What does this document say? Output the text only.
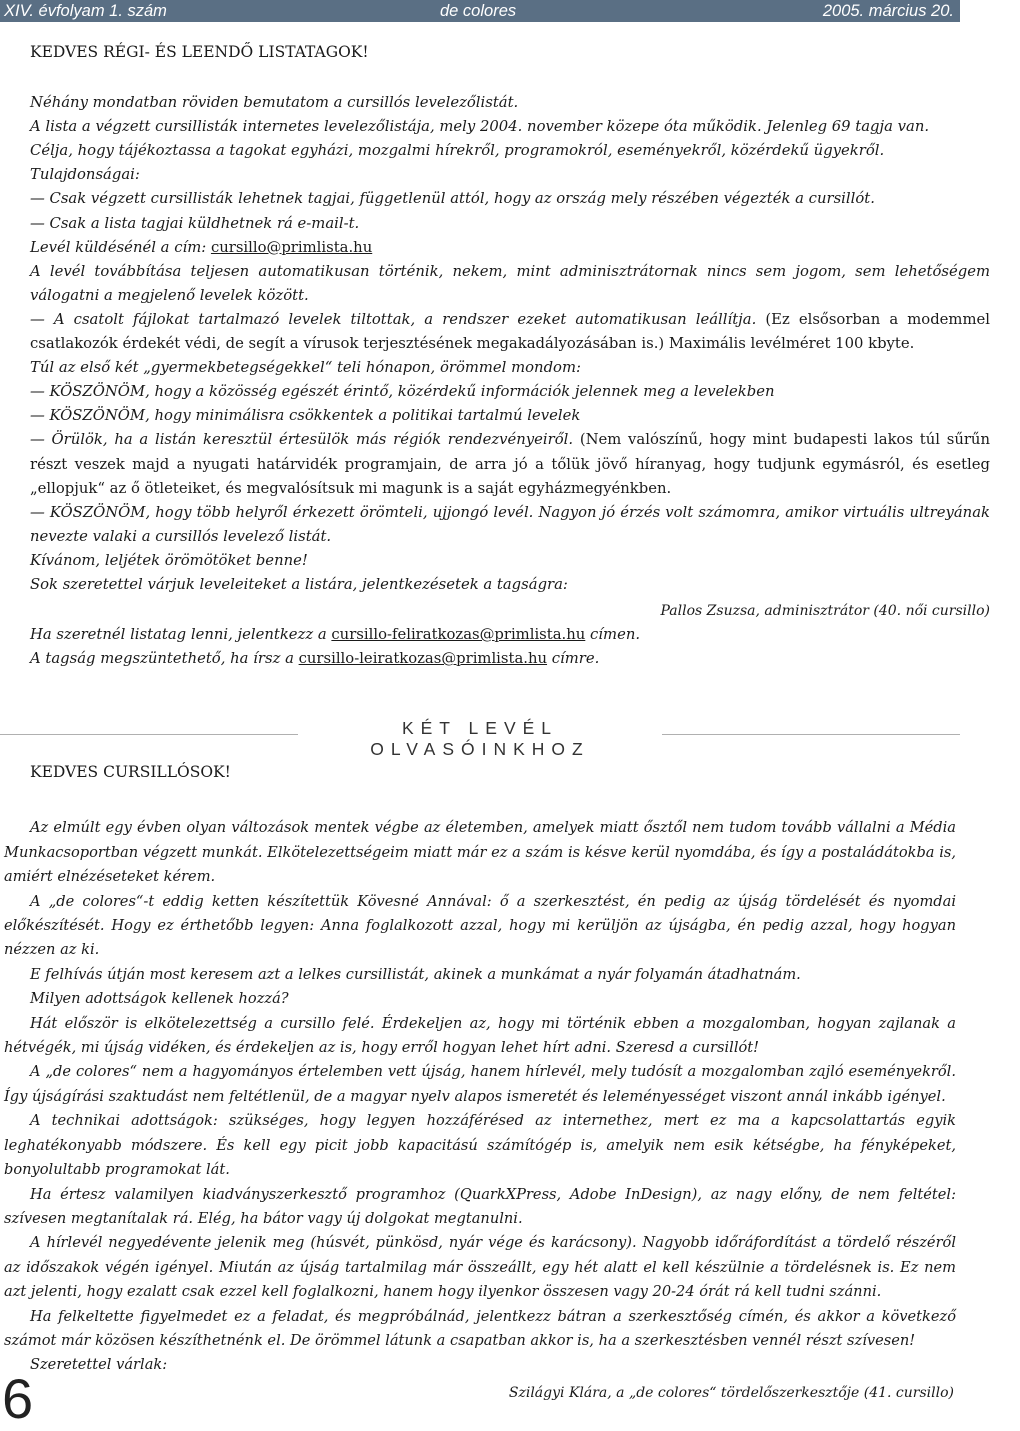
XIV. évfolyam 1. szám	de colores	2005. március 20.
KEDVES RÉGI- ÉS LEENDŐ LISTATAGOK!
Néhány mondatban röviden bemutatom a cursillós levelezőlistát.
A lista a végzett cursillisták internetes levelezőlistája, mely 2004. november közepe óta működik. Jelenleg 69 tagja van.
Célja, hogy tájékoztassa a tagokat egyházi, mozgalmi hírekről, programokról, eseményekről, közérdekű ügyekről.
Tulajdonságai:
— Csak végzett cursillisták lehetnek tagjai, függetlenül attól, hogy az ország mely részében végezték a cursillót.
— Csak a lista tagjai küldhetnek rá e-mail-t.
Levél küldésénél a cím: cursillo@primlista.hu
A levél továbbítása teljesen automatikusan történik, nekem, mint adminisztrátornak nincs sem jogom, sem lehetőségem válogatni a megjelenő levelek között.
— A csatolt fájlokat tartalmazó levelek tiltottak, a rendszer ezeket automatikusan leállítja. (Ez elsősorban a modemmel csatlakozók érdekét védi, de segít a vírusok terjesztésének megakadályozásában is.) Maximális levélméret 100 kbyte.
Túl az első két „gyermekbetegségekkel“ teli hónapon, örömmel mondom:
— KÖSZÖNÖM, hogy a közösség egészét érintő, közérdekű információk jelennek meg a levelekben
— KÖSZÖNÖM, hogy minimálisra csökkentek a politikai tartalmú levelek
— Örülök, ha a listán keresztül értesülök más régiók rendezvényeiről. (Nem valószínű, hogy mint budapesti lakos túl sűrűn részt veszek majd a nyugati határvidék programjain, de arra jó a tőlük jövő híranyag, hogy tudjunk egymásról, és esetleg „ellopjuk“ az ő ötleteiket, és megvalósítsuk mi magunk is a saját egyházmegyénkben.
— KÖSZÖNÖM, hogy több helyről érkezett örömteli, ujjongó levél. Nagyon jó érzés volt számomra, amikor virtuális ultreyának nevezte valaki a cursillós levelező listát.
Kívánom, leljétek örömötöket benne!
Sok szeretettel várjuk leveleiteket a listára, jelentkezésetek a tagságra:
Pallos Zsuzsa, adminisztrátor (40. női cursillo)
Ha szeretnél listatag lenni, jelentkezz a cursillo-feliratkozas@primlista.hu címen.
A tagság megszüntethető, ha írsz a cursillo-leiratkozas@primlista.hu címre.
KÉT LEVÉL OLVASÓINKHOZ
KEDVES CURSILLÓSOK!

Az elmúlt egy évben olyan változások mentek végbe az életemben, amelyek miatt ősztől nem tudom tovább vállalni a Média Munkacsoportban végzett munkát. Elkötelezettségeim miatt már ez a szám is késve kerül nyomdába, és így a postaládátokba is, amiért elnézéseteket kérem.

A „de colores“-t eddig ketten készítettük Kövesné Annával: ő a szerkesztést, én pedig az újság tördelését és nyomdai előkészítését. Hogy ez érthetőbb legyen: Anna foglalkozott azzal, hogy mi kerüljön az újságba, én pedig azzal, hogy hogyan nézzen az ki.

E felhívás útján most keresem azt a lelkes cursillistát, akinek a munkámat a nyár folyamán átadhatnám.

Milyen adottságok kellenek hozzá?

Hát először is elkötelezettség a cursillo felé. Érdekeljen az, hogy mi történik ebben a mozgalomban, hogyan zajlanak a hétvégék, mi újság vidéken, és érdekeljen az is, hogy erről hogyan lehet hírt adni. Szeresd a cursillót!

A „de colores“ nem a hagyományos értelemben vett újság, hanem hírlevél, mely tudósít a mozgalomban zajló eseményekről. Így újságírási szaktudást nem feltétlenül, de a magyar nyelv alapos ismeretét és leleményességet viszont annál inkább igényel.

A technikai adottságok: szükséges, hogy legyen hozzáférésed az internethez, mert ez ma a kapcsolattartás egyik leghatékonyabb módszere. És kell egy picit jobb kapacitású számítógép is, amelyik nem esik kétségbe, ha fényképeket, bonyolultabb programokat lát.

Ha értesz valamilyen kiadványszerkesztő programhoz (QuarkXPress, Adobe InDesign), az nagy előny, de nem feltétel: szívesen megtanítalak rá. Elég, ha bátor vagy új dolgokat megtanulni.

A hírlevél negyedévente jelenik meg (húsvét, pünkösd, nyár vége és karácsony). Nagyobb időráfordítást a tördelő részéről az időszakok végén igényel. Miután az újság tartalmilag már összeállt, egy hét alatt el kell készülnie a tördelésnek is. Ez nem azt jelenti, hogy ezalatt csak ezzel kell foglalkozni, hanem hogy ilyenkor összesen vagy 20-24 órát rá kell tudni szánni.

Ha felkeltette figyelmedet ez a feladat, és megpróbálnád, jelentkezz bátran a szerkesztőség címén, és akkor a következő számot már közösen készíthetnénk el. De örömmel látunk a csapatban akkor is, ha a szerkesztésben vennél részt szívesen!

Szeretettel várlak:

Szilágyi Klára, a „de colores“ tördelőszerkesztője (41. cursillo)
6
